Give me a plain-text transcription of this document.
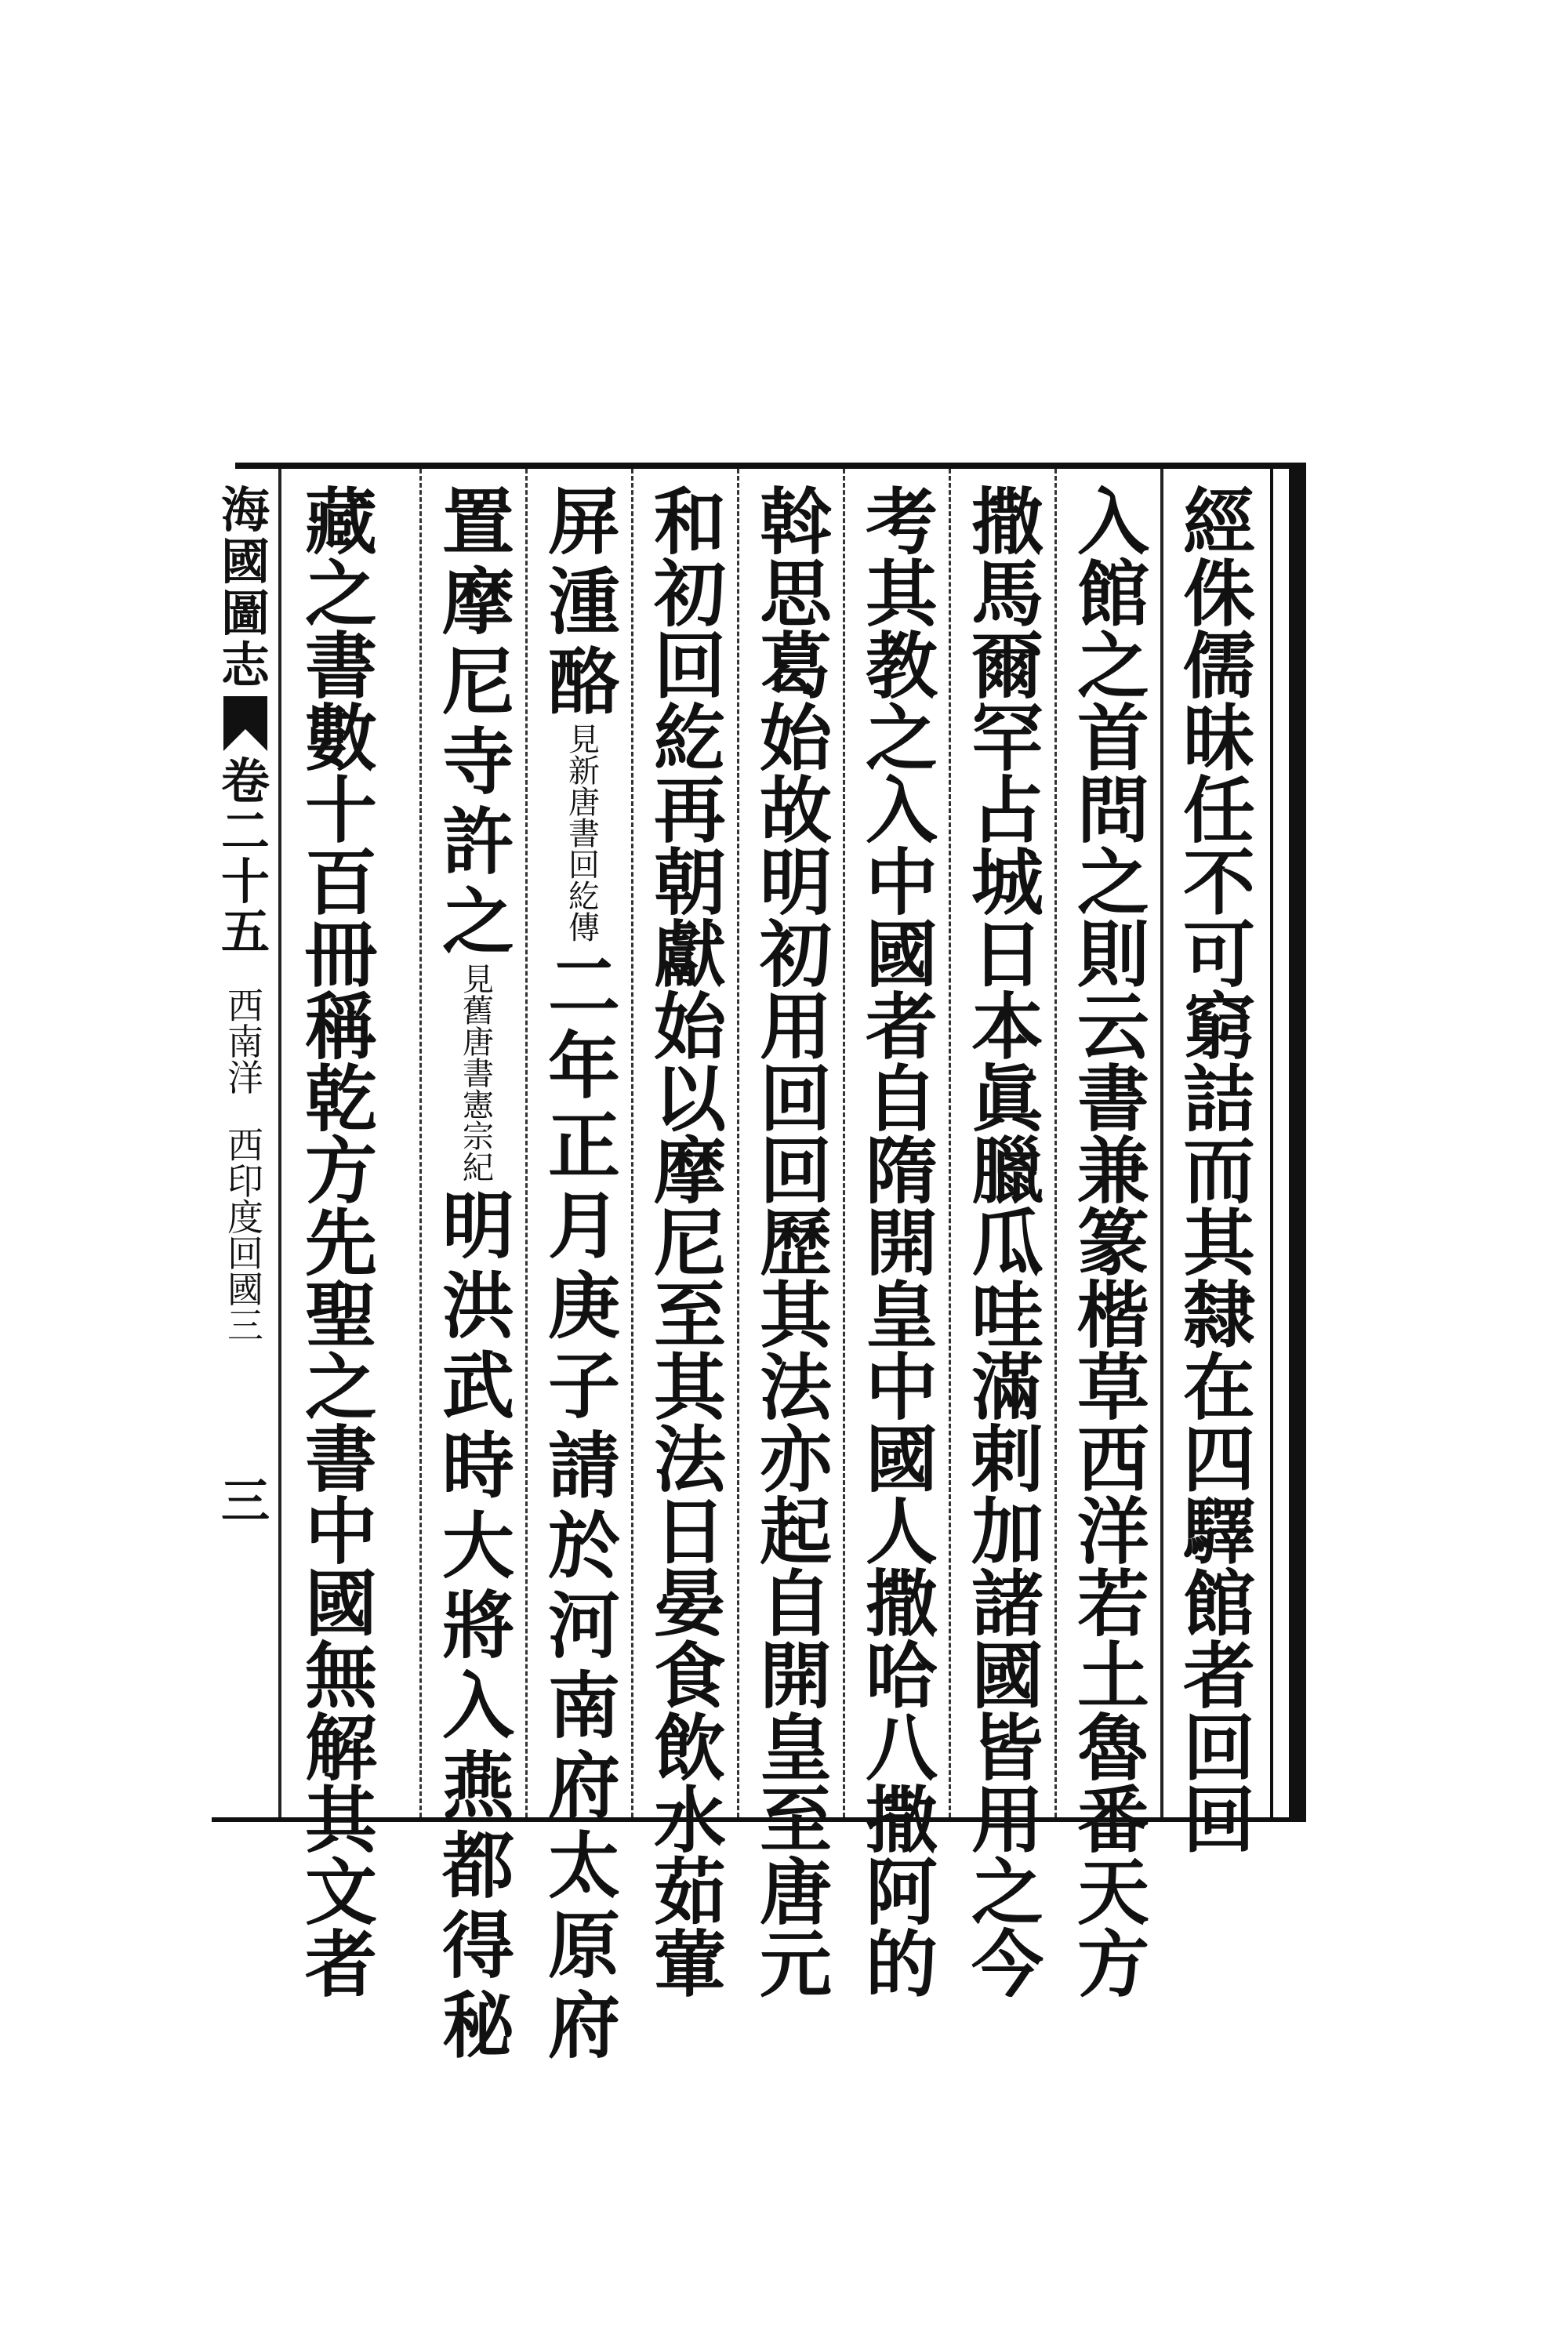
經
侏
儒
昧
任
不
可
窮
詰
而
其
隸
在
四
驛
館
者
回
回
入
館
之
首
問
之
則
云
書
兼
篆
楷
草
西
洋
若
土
魯
番
天
方
撒
馬
爾
罕
占
城
日
本
眞
臘
瓜
哇
滿
剌
加
諸
國
皆
用
之
今
考
其
教
之
入
中
國
者
自
隋
開
皇
中
國
人
撒
哈
八
撒
阿
的
斡
思
葛
始
故
明
初
用
回
回
歷
其
法
亦
起
自
開
皇
至
唐
元
和
初
回
紇
再
朝
獻
始
以
摩
尼
至
其
法
日
晏
食
飲
水
茹
葷
屏
湩
酪
見
新
唐
書
回
紇
傳
二
年
正
月
庚
子
請
於
河
南
府
太
原
府
置
摩
尼
寺
許
之
見
舊
唐
書
憲
宗
紀
明
洪
武
時
大
將
入
燕
都
得
秘
藏
之
書
數
十
百
冊
稱
乾
方
先
聖
之
書
中
國
無
解
其
文
者
海
國
圖
志
卷
二
十
五
西
南
洋
西
印
度
回
國
三
三
